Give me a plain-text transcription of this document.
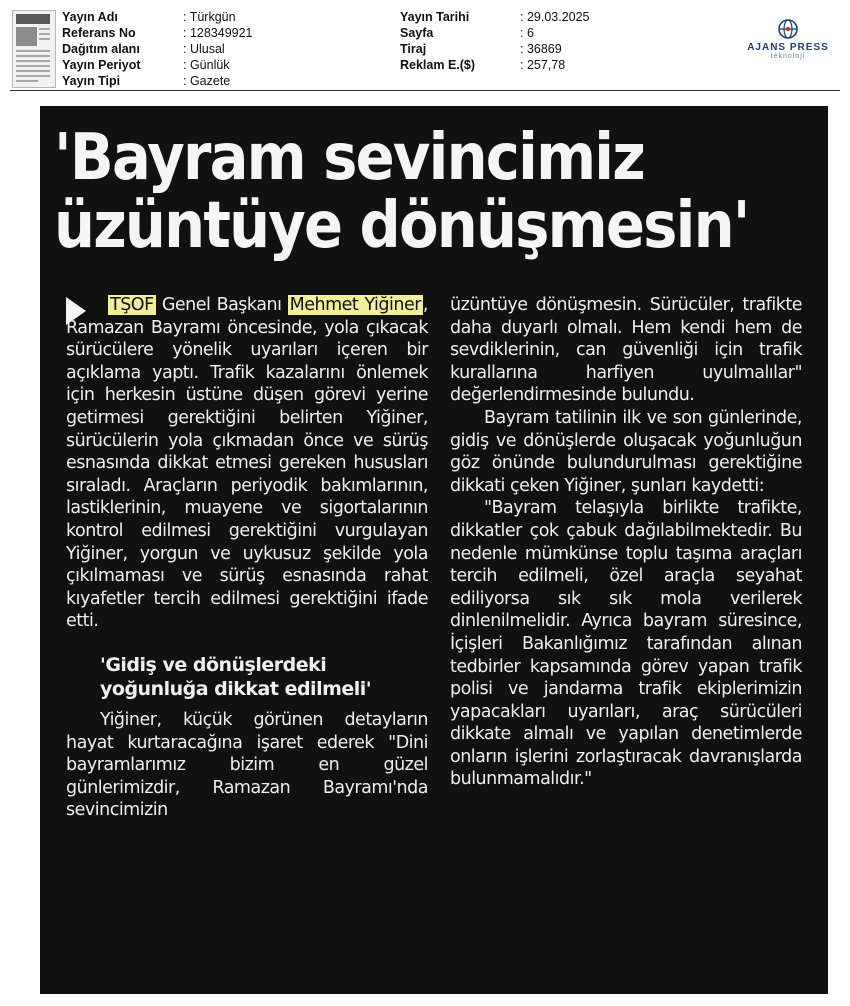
Yayın Adı	: Türkgün
Referans No	: 128349921
Dağıtım alanı	: Ulusal
Yayın Periyot	: Günlük
Yayın Tipi	: Gazete
Yayın Tarihi	: 29.03.2025
Sayfa	: 6
Tiraj	: 36869
Reklam E.($)	: 257,78
AJANS PRESS
teknoloji
'Bayram sevincimiz
üzüntüye dönüşmesin'

TŞOF Genel Başkanı Mehmet Yiğiner , Ramazan Bayramı öncesinde, yola çıkacak sürücülere yönelik uyarıları içeren bir açıklama yaptı. Trafik kazalarını önlemek için herkesin üstüne düşen görevi yerine getirmesi gerektiğini belirten Yiğiner, sürücülerin yola çıkmadan önce ve sürüş esnasında dikkat etmesi gereken hususları sıraladı. Araçların periyodik bakımlarının, lastiklerinin, muayene ve sigortalarının kontrol edilmesi gerektiğini vurgulayan Yiğiner, yorgun ve uykusuz şekilde yola çıkılmaması ve sürüş esnasında rahat kıyafetler tercih edilmesi gerektiğini ifade etti.

'Gidiş ve dönüşlerdeki yoğunluğa dikkat edilmeli'

Yiğiner, küçük görünen detayların hayat kurtaracağına işaret ederek "Dini bayramlarımız bizim en güzel günlerimizdir, Ramazan Bayramı'nda sevincimizin

üzüntüye dönüşmesin. Sürücüler, trafikte daha duyarlı olmalı. Hem kendi hem de sevdiklerinin, can güvenliği için trafik kurallarına harfiyen uyulmalılar" değerlendirmesinde bulundu.

Bayram tatilinin ilk ve son günlerinde, gidiş ve dönüşlerde oluşacak yoğunluğun göz önünde bulundurulması gerektiğine dikkati çeken Yiğiner, şunları kaydetti:

"Bayram telaşıyla birlikte trafikte, dikkatler çok çabuk dağılabilmektedir. Bu nedenle mümkünse toplu taşıma araçları tercih edilmeli, özel araçla seyahat ediliyorsa sık sık mola verilerek dinlenilmelidir. Ayrıca bayram süresince, İçişleri Bakanlığımız tarafından alınan tedbirler kapsamında görev yapan trafik polisi ve jandarma trafik ekiplerimizin yapacakları uyarıları, araç sürücüleri dikkate almalı ve yapılan denetimlerde onların işlerini zorlaştıracak davranışlarda bulunmamalıdır."
